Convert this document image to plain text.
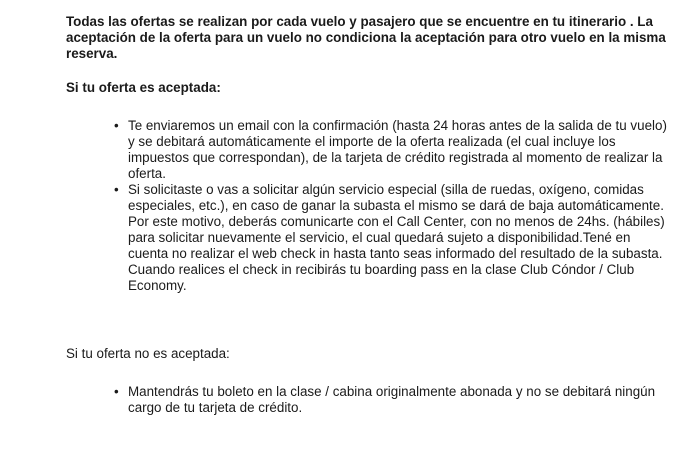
Todas las ofertas se realizan por cada vuelo y pasajero que se encuentre en tu itinerario . La aceptación de la oferta para un vuelo no condiciona la aceptación para otro vuelo en la misma reserva.

Si tu oferta es aceptada:

• Te enviaremos un email con la confirmación (hasta 24 horas antes de la salida de tu vuelo) y se debitará automáticamente el importe de la oferta realizada (el cual incluye los impuestos que correspondan), de la tarjeta de crédito registrada al momento de realizar la oferta.
• Si solicitaste o vas a solicitar algún servicio especial (silla de ruedas, oxígeno, comidas especiales, etc.), en caso de ganar la subasta el mismo se dará de baja automáticamente. Por este motivo, deberás comunicarte con el Call Center, con no menos de 24hs. (hábiles) para solicitar nuevamente el servicio, el cual quedará sujeto a disponibilidad.Tené en cuenta no realizar el web check in hasta tanto seas informado del resultado de la subasta.
Cuando realices el check in recibirás tu boarding pass en la clase Club Cóndor / Club Economy.

Si tu oferta no es aceptada:

• Mantendrás tu boleto en la clase / cabina originalmente abonada y no se debitará ningún cargo de tu tarjeta de crédito.
